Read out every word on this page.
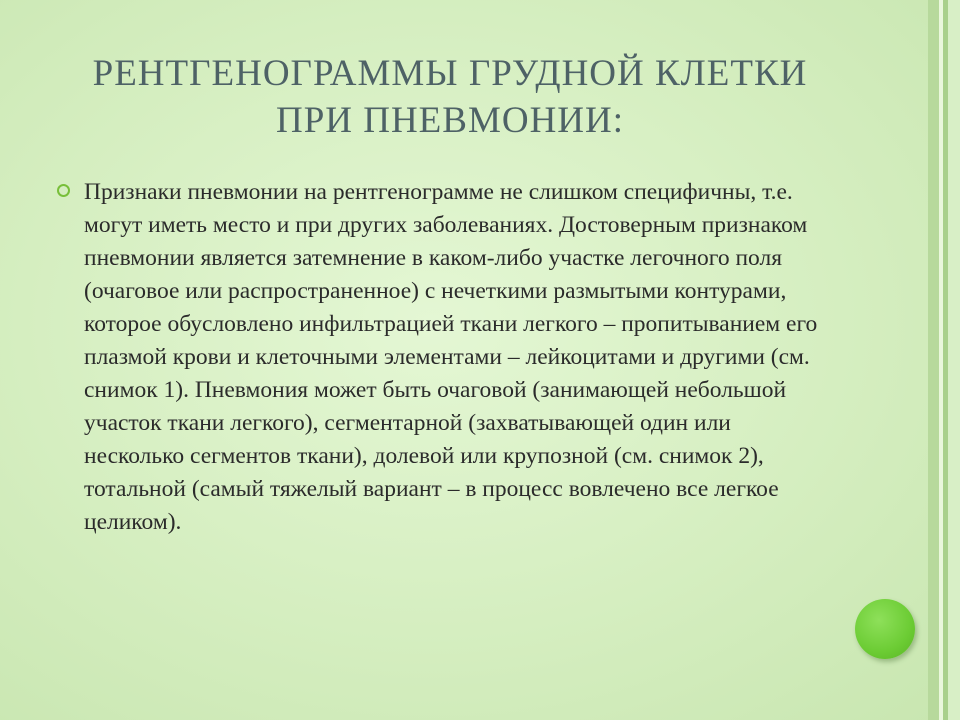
РЕНТГЕНОГРАММЫ ГРУДНОЙ КЛЕТКИ ПРИ ПНЕВМОНИИ:
Признаки пневмонии на рентгенограмме не слишком специфичны, т.е. могут иметь место и при других заболеваниях. Достоверным признаком пневмонии является затемнение в каком-либо участке легочного поля (очаговое или распространенное) с нечеткими размытыми контурами, которое обусловлено инфильтрацией ткани легкого – пропитыванием его плазмой крови и клеточными элементами – лейкоцитами и другими (см. снимок 1). Пневмония может быть очаговой (занимающей небольшой участок ткани легкого), сегментарной (захватывающей один или несколько сегментов ткани), долевой или крупозной (см. снимок 2), тотальной (самый тяжелый вариант – в процесс вовлечено все легкое целиком).
